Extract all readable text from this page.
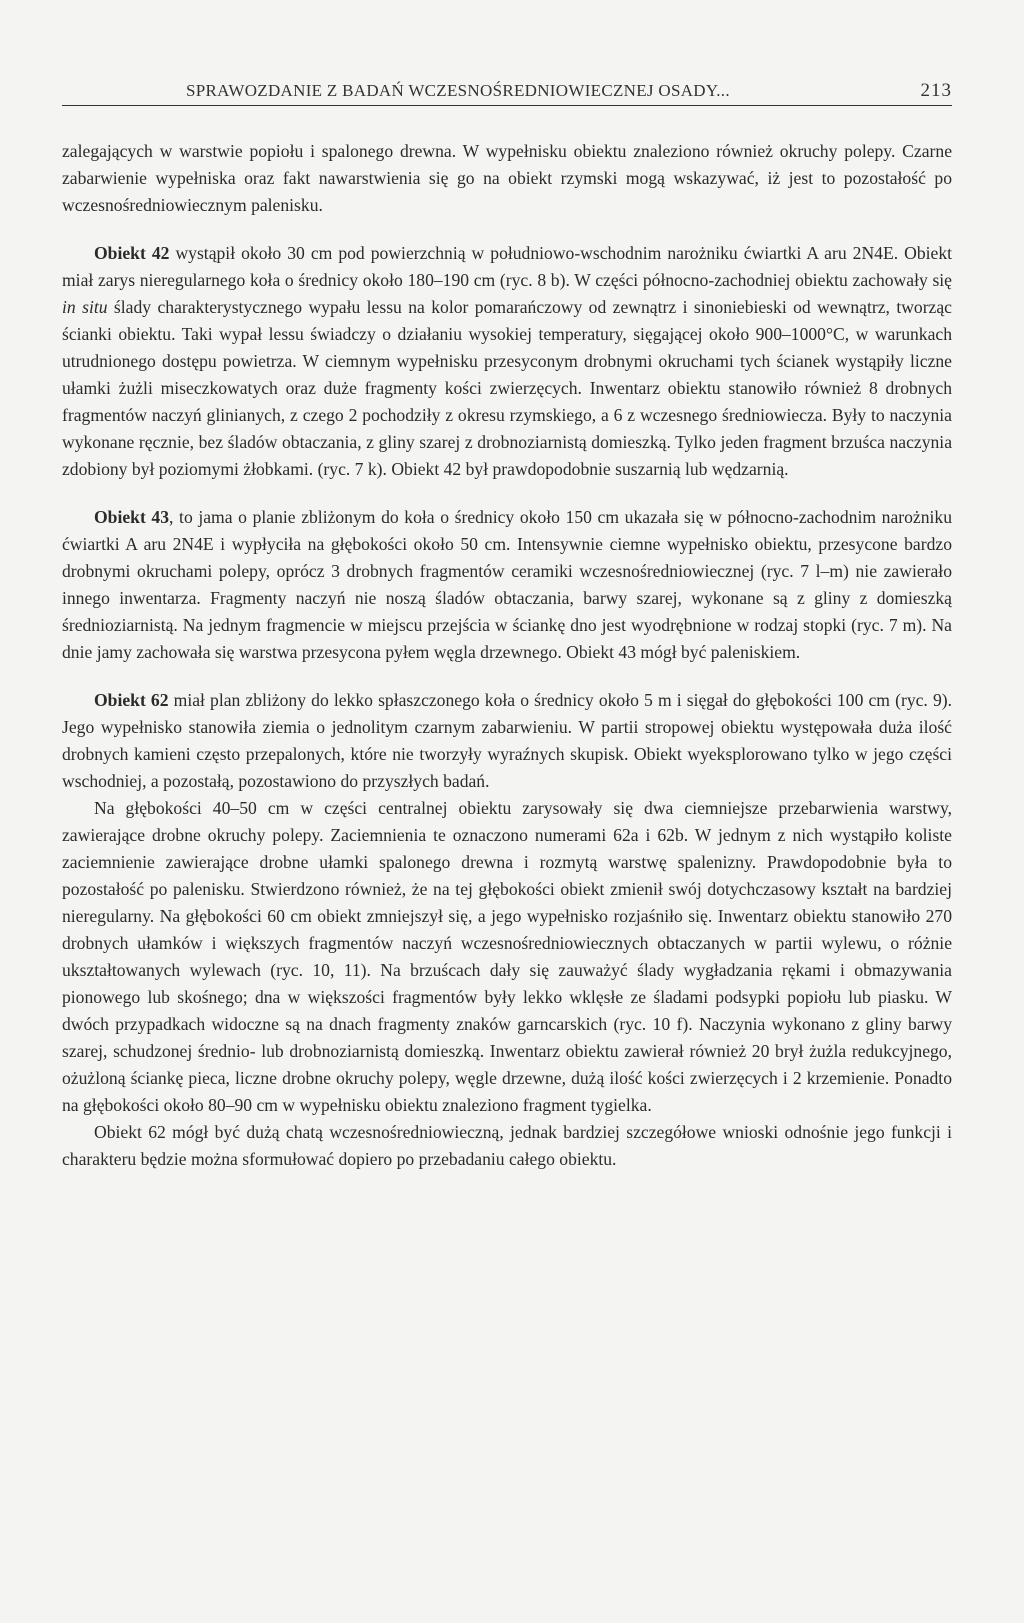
SPRAWOZDANIE Z BADAŃ WCZESNOŚREDNIOWIECZNEJ OSADY...	213

zalegających w warstwie popiołu i spalonego drewna. W wypełnisku obiektu znaleziono również okruchy polepy. Czarne zabarwienie wypełniska oraz fakt nawarstwienia się go na obiekt rzymski mogą wskazywać, iż jest to pozostałość po wczesnośredniowiecznym palenisku.

Obiekt 42 wystąpił około 30 cm pod powierzchnią w południowo-wschodnim narożniku ćwiartki A aru 2N4E. Obiekt miał zarys nieregularnego koła o średnicy około 180–190 cm (ryc. 8 b). W części północno-zachodniej obiektu zachowały się in situ ślady charakterystycznego wypału lessu na kolor pomarańczowy od zewnątrz i sinoniebieski od wewnątrz, tworząc ścianki obiektu. Taki wypał lessu świadczy o działaniu wysokiej temperatury, sięgającej około 900–1000°C, w warunkach utrudnionego dostępu powietrza. W ciemnym wypełnisku przesyconym drobnymi okruchami tych ścianek wystąpiły liczne ułamki żużli miseczkowatych oraz duże fragmenty kości zwierzęcych. Inwentarz obiektu stanowiło również 8 drobnych fragmentów naczyń glinianych, z czego 2 pochodziły z okresu rzymskiego, a 6 z wczesnego średniowiecza. Były to naczynia wykonane ręcznie, bez śladów obtaczania, z gliny szarej z drobnoziarnistą domieszką. Tylko jeden fragment brzuśca naczynia zdobiony był poziomymi żłobkami. (ryc. 7 k). Obiekt 42 był prawdopodobnie suszarnią lub wędzarnią.

Obiekt 43, to jama o planie zbliżonym do koła o średnicy około 150 cm ukazała się w północno-zachodnim narożniku ćwiartki A aru 2N4E i wypłyciła na głębokości około 50 cm. Intensywnie ciemne wypełnisko obiektu, przesycone bardzo drobnymi okruchami polepy, oprócz 3 drobnych fragmentów ceramiki wczesnośredniowiecznej (ryc. 7 l–m) nie zawierało innego inwentarza. Fragmenty naczyń nie noszą śladów obtaczania, barwy szarej, wykonane są z gliny z domieszką średnioziarnistą. Na jednym fragmencie w miejscu przejścia w ściankę dno jest wyodrębnione w rodzaj stopki (ryc. 7 m). Na dnie jamy zachowała się warstwa przesycona pyłem węgla drzewnego. Obiekt 43 mógł być paleniskiem.

Obiekt 62 miał plan zbliżony do lekko spłaszczonego koła o średnicy około 5 m i sięgał do głębokości 100 cm (ryc. 9). Jego wypełnisko stanowiła ziemia o jednolitym czarnym zabarwieniu. W partii stropowej obiektu występowała duża ilość drobnych kamieni często przepalonych, które nie tworzyły wyraźnych skupisk. Obiekt wyeksplorowano tylko w jego części wschodniej, a pozostałą, pozostawiono do przyszłych badań.

Na głębokości 40–50 cm w części centralnej obiektu zarysowały się dwa ciemniejsze przebarwienia warstwy, zawierające drobne okruchy polepy. Zaciemnienia te oznaczono numerami 62a i 62b. W jednym z nich wystąpiło koliste zaciemnienie zawierające drobne ułamki spalonego drewna i rozmytą warstwę spalenizny. Prawdopodobnie była to pozostałość po palenisku. Stwierdzono również, że na tej głębokości obiekt zmienił swój dotychczasowy kształt na bardziej nieregularny. Na głębokości 60 cm obiekt zmniejszył się, a jego wypełnisko rozjaśniło się. Inwentarz obiektu stanowiło 270 drobnych ułamków i większych fragmentów naczyń wczesnośredniowiecznych obtaczanych w partii wylewu, o różnie ukształtowanych wylewach (ryc. 10, 11). Na brzuścach dały się zauważyć ślady wygładzania rękami i obmazywania pionowego lub skośnego; dna w większości fragmentów były lekko wklęsłe ze śladami podsypki popiołu lub piasku. W dwóch przypadkach widoczne są na dnach fragmenty znaków garncarskich (ryc. 10 f). Naczynia wykonano z gliny barwy szarej, schudzonej średnio- lub drobnoziarnistą domieszką. Inwentarz obiektu zawierał również 20 brył żużla redukcyjnego, ożużloną ściankę pieca, liczne drobne okruchy polepy, węgle drzewne, dużą ilość kości zwierzęcych i 2 krzemienie. Ponadto na głębokości około 80–90 cm w wypełnisku obiektu znaleziono fragment tygielka.

Obiekt 62 mógł być dużą chatą wczesnośredniowieczną, jednak bardziej szczegółowe wnioski odnośnie jego funkcji i charakteru będzie można sformułować dopiero po przebadaniu całego obiektu.
